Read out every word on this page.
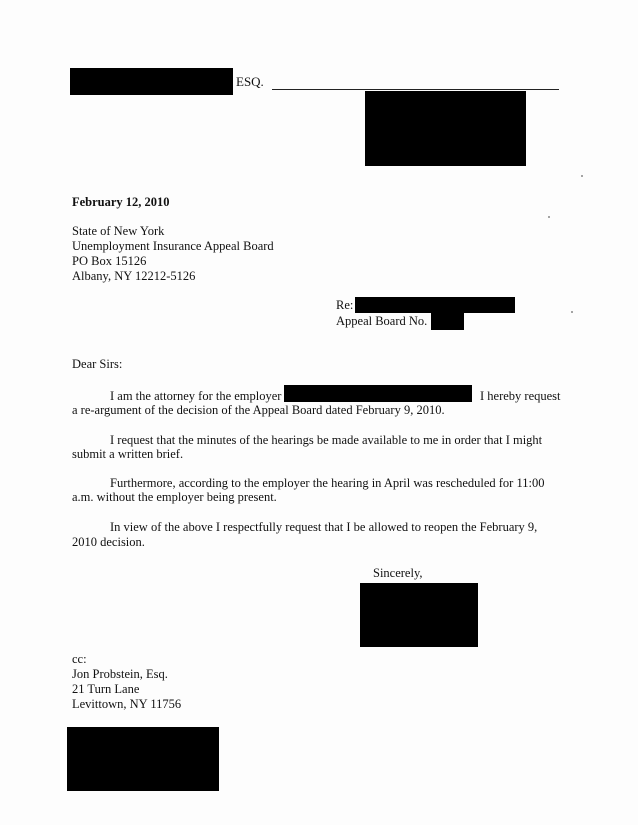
ESQ.
February 12, 2010
State of New York
Unemployment Insurance Appeal Board
PO Box 15126
Albany, NY 12212-5126
Re:
Appeal Board No.
Dear Sirs:
I am the attorney for the employer	I hereby request
a re-argument of the decision of the Appeal Board dated February 9, 2010.
I request that the minutes of the hearings be made available to me in order that I might
submit a written brief.
Furthermore, according to the employer the hearing in April was rescheduled for 11:00
a.m. without the employer being present.
In view of the above I respectfully request that I be allowed to reopen the February 9,
2010 decision.
Sincerely,
cc:
Jon Probstein, Esq.
21 Turn Lane
Levittown, NY 11756
